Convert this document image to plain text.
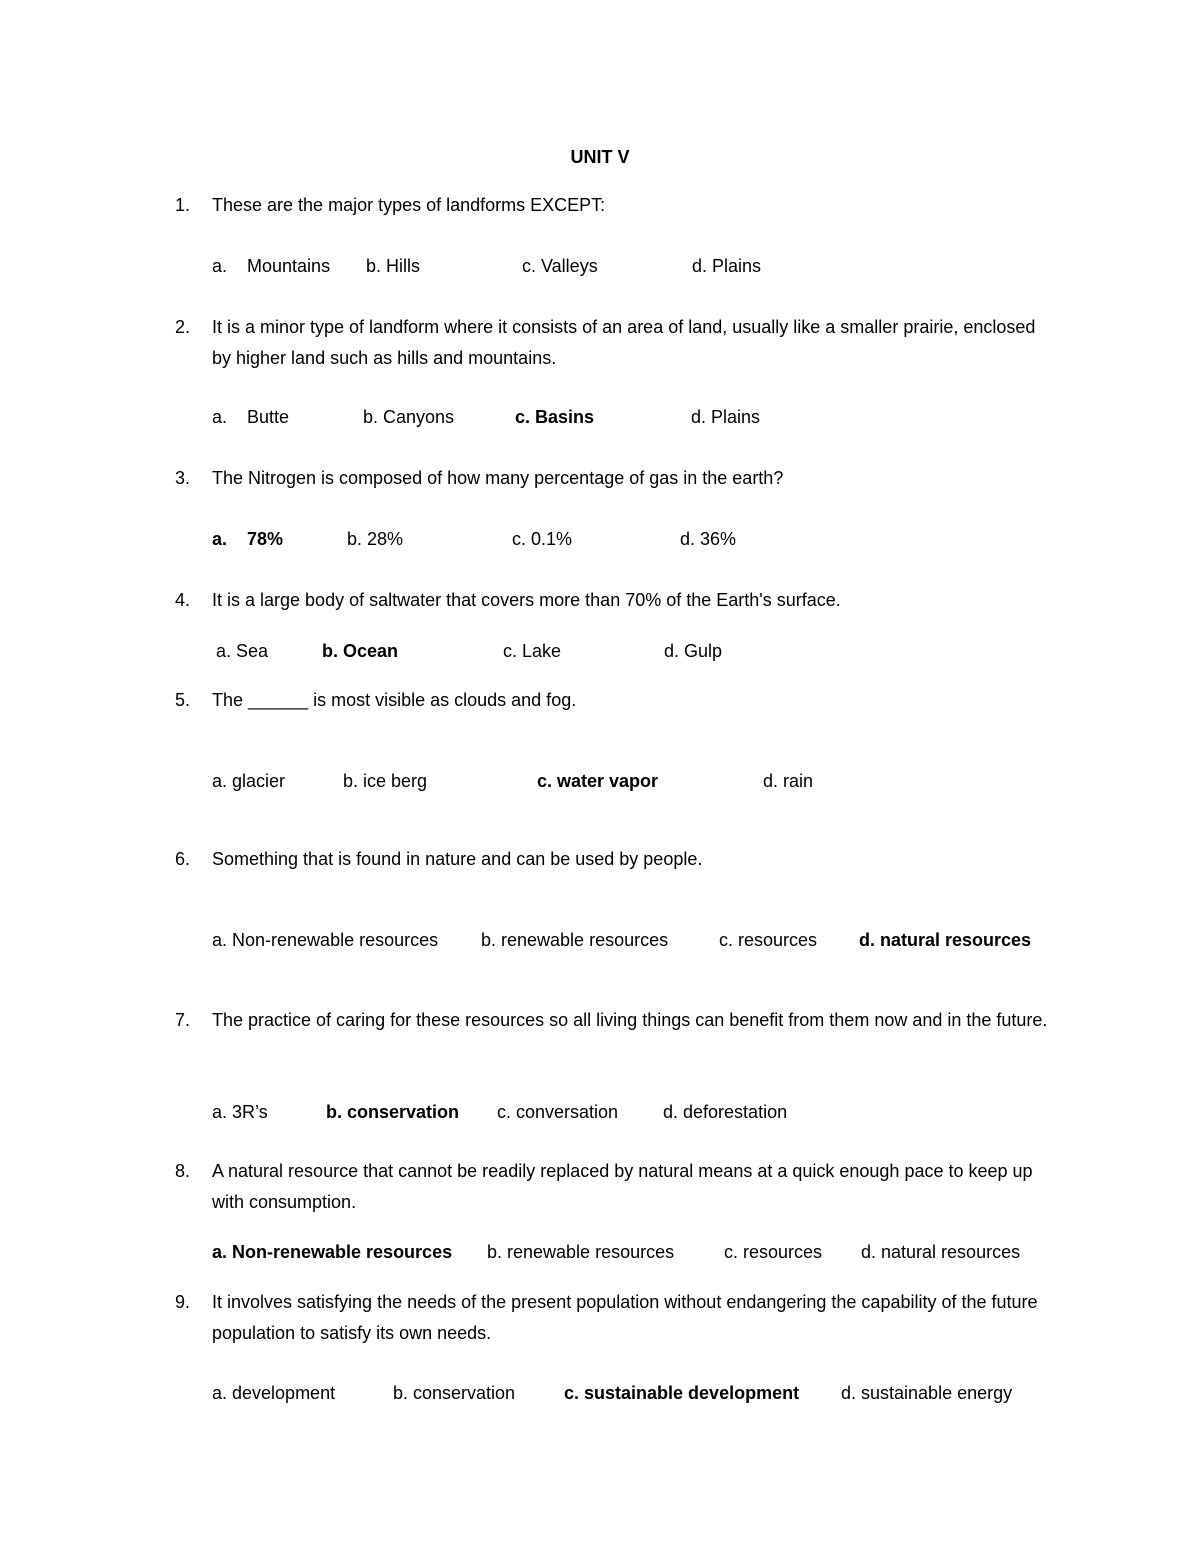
UNIT V
1. These are the major types of landforms EXCEPT:
a.    Mountains b. Hills	c. Valleys	d. Plains
2. It is a minor type of landform where it consists of an area of land, usually like a smaller prairie, enclosed by higher land such as hills and mountains.
a.    Butte	b. Canyons	c. Basins	d. Plains
3. The Nitrogen is composed of how many percentage of gas in the earth?
a.    78%	b. 28%	c. 0.1%	d. 36%
4. It is a large body of saltwater that covers more than 70% of the Earth's surface.
a. Sea	b. Ocean	c. Lake	d. Gulp
5. The ______ is most visible as clouds and fog.
a. glacier	b. ice berg	c. water vapor	d. rain
6. Something that is found in nature and can be used by people.
a. Non-renewable resources b. renewable resources	c. resources d. natural resources
7. The practice of caring for these resources so all living things can benefit from them now and in the future.
a. 3R’s	b. conservation c. conversation d. deforestation
8. A natural resource that cannot be readily replaced by natural means at a quick enough pace to keep up with consumption.
a. Non-renewable resources b. renewable resources	c. resources d. natural resources
9. It involves satisfying the needs of the present population without endangering the capability of the future population to satisfy its own needs.
a. development	b. conservation	c. sustainable development d. sustainable energy
